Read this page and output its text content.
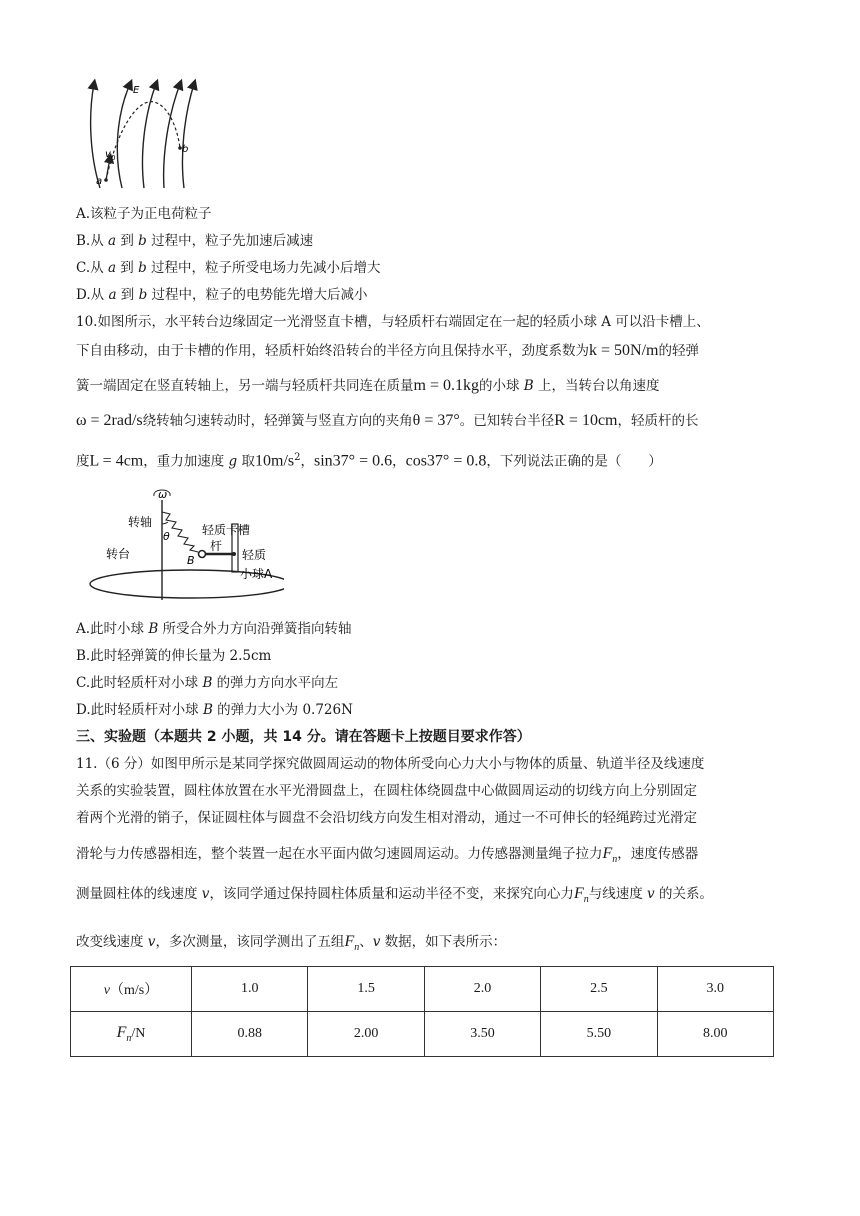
E
v 0
a
b
A.该粒子为正电荷粒子
B.从 a 到 b 过程中，粒子先加速后减速
C.从 a 到 b 过程中，粒子所受电场力先减小后增大
D.从 a 到 b 过程中，粒子的电势能先增大后减小
10.如图所示，水平转台边缘固定一光滑竖直卡槽，与轻质杆右端固定在一起的轻质小球 A 可以沿卡槽上、
下自由移动，由于卡槽的作用，轻质杆始终沿转台的半径方向且保持水平，劲度系数为k = 50N/m的轻弹
簧一端固定在竖直转轴上，另一端与轻质杆共同连在质量m = 0.1kg的小球 B 上，当转台以角速度
ω = 2rad/s绕转轴匀速转动时，轻弹簧与竖直方向的夹角θ = 37°。已知转台半径R = 10cm，轻质杆的长
度L = 4cm，重力加速度 g 取$10m/s^2$，sin37° = 0.6，cos37° = 0.8，下列说法正确的是（　　）
ω
转轴
θ	轻质卡槽
杆
转台	B	轻质
小球A
A.此时小球 B 所受合外力方向沿弹簧指向转轴
B.此时轻弹簧的伸长量为 2.5cm
C.此时轻质杆对小球 B 的弹力方向水平向左
D.此时轻质杆对小球 B 的弹力大小为 0.726N
三、实验题（本题共 2 小题，共 14 分。请在答题卡上按题目要求作答）
11.（6 分）如图甲所示是某同学探究做圆周运动的物体所受向心力大小与物体的质量、轨道半径及线速度
关系的实验装置，圆柱体放置在水平光滑圆盘上，在圆柱体绕圆盘中心做圆周运动的切线方向上分别固定
着两个光滑的销子，保证圆柱体与圆盘不会沿切线方向发生相对滑动，通过一不可伸长的轻绳跨过光滑定
滑轮与力传感器相连，整个装置一起在水平面内做匀速圆周运动。力传感器测量绳子拉力$F_n$，速度传感器
测量圆柱体的线速度 v，该同学通过保持圆柱体质量和运动半径不变，来探究向心力$F_n$与线速度 v 的关系。
改变线速度 v，多次测量，该同学测出了五组$F_n$、v 数据，如下表所示：
v（m/s）	1.0	1.5	2.0	2.5	3.0
$F_n/N$	0.88	2.00	3.50	5.50	8.00
